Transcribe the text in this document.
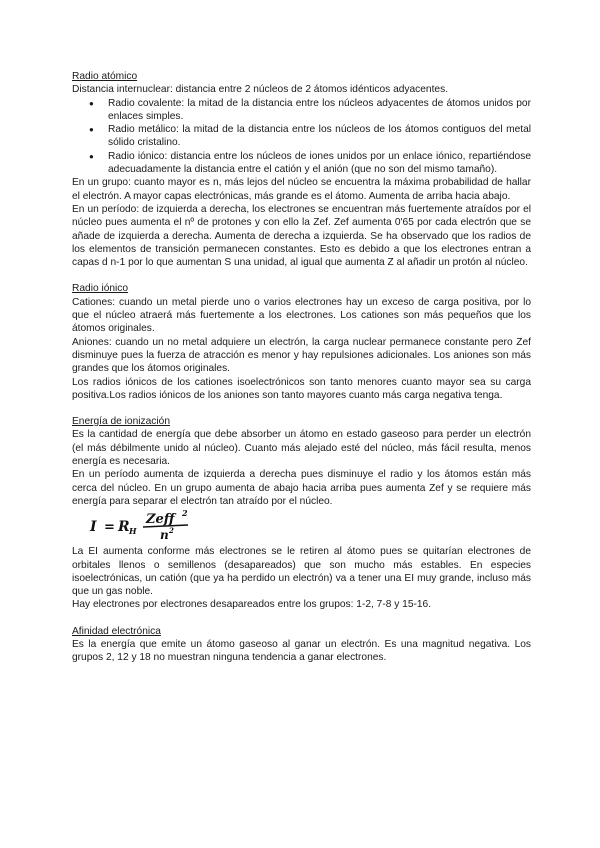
Radio atómico

Distancia internuclear: distancia entre 2 núcleos de 2 átomos idénticos adyacentes.

● Radio covalente: la mitad de la distancia entre los núcleos adyacentes de átomos unidos por enlaces simples.
● Radio metálico: la mitad de la distancia entre los núcleos de los átomos contiguos del metal sólido cristalino.
● Radio iónico: distancia entre los núcleos de iones unidos por un enlace iónico, repartiéndose adecuadamente la distancia entre el catión y el anión (que no son del mismo tamaño).

En un grupo: cuanto mayor es n, más lejos del núcleo se encuentra la máxima probabilidad de hallar el electrón. A mayor capas electrónicas, más grande es el átomo. Aumenta de arriba hacia abajo.

En un período: de izquierda a derecha, los electrones se encuentran más fuertemente atraídos por el núcleo pues aumenta el nº de protones y con ello la Zef. Zef aumenta 0'65 por cada electrón que se añade de izquierda a derecha. Aumenta de derecha a izquierda. Se ha observado que los radios de los elementos de transición permanecen constantes. Esto es debido a que los electrones entran a capas d n-1 por lo que aumentan S una unidad, al igual que aumenta Z al añadir un protón al núcleo.

Radio iónico

Cationes: cuando un metal pierde uno o varios electrones hay un exceso de carga positiva, por lo que el núcleo atraerá más fuertemente a los electrones. Los cationes son más pequeños que los átomos originales.

Aniones: cuando un no metal adquiere un electrón, la carga nuclear permanece constante pero Zef disminuye pues la fuerza de atracción es menor y hay repulsiones adicionales. Los aniones son más grandes que los átomos originales.

Los radios iónicos de los cationes isoelectrónicos son tanto menores cuanto mayor sea su carga positiva.Los radios iónicos de los aniones son tanto mayores cuanto más carga negativa tenga.

Energía de ionización

Es la cantidad de energía que debe absorber un átomo en estado gaseoso para perder un electrón (el más débilmente unido al núcleo). Cuanto más alejado esté del núcleo, más fácil resulta, menos energía es necesaria.

En un período aumenta de izquierda a derecha pues disminuye el radio y los átomos están más cerca del núcleo. En un grupo aumenta de abajo hacia arriba pues aumenta Zef y se requiere más energía para separar el electrón tan atraído por el núcleo.

I = R H
Zeff 2
n 2

La EI aumenta conforme más electrones se le retiren al átomo pues se quitarían electrones de orbitales llenos o semillenos (desapareados) que son mucho más estables. En especies isoelectrónicas, un catión (que ya ha perdido un electrón) va a tener una EI muy grande, incluso más que un gas noble.

Hay electrones por electrones desapareados entre los grupos: 1-2, 7-8 y 15-16.

Afinidad electrónica

Es la energía que emite un átomo gaseoso al ganar un electrón. Es una magnitud negativa. Los grupos 2, 12 y 18 no muestran ninguna tendencia a ganar electrones.
